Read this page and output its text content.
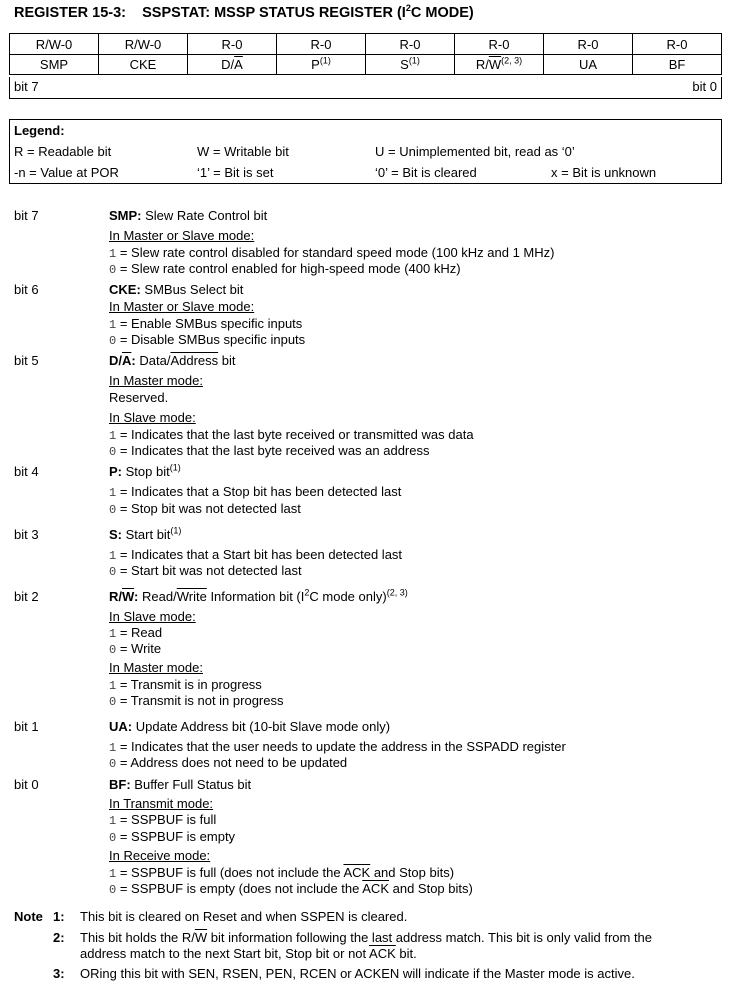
REGISTER 15-3: SSPSTAT: MSSP STATUS REGISTER ($I^2C$ MODE)
R/W-0	R/W-0	R-0	R-0	R-0	R-0	R-0	R-0
SMP	CKE	$D/\overline{A}$	$P^{(1)}$	$S^{(1)}$	$R/\overline{W}^{(2, 3)}$	UA	BF
bit 7	bit 0
Legend:
R = Readable bit	W = Writable bit	U = Unimplemented bit, read as ‘0’
-n = Value at POR	‘1’ = Bit is set	‘0’ = Bit is cleared	x = Bit is unknown
bit 7	SMP: Slew Rate Control bit
In Master or Slave mode:
1 = Slew rate control disabled for standard speed mode (100 kHz and 1 MHz)
0 = Slew rate control enabled for high-speed mode (400 kHz)
bit 6	CKE: SMBus Select bit
In Master or Slave mode:
1 = Enable SMBus specific inputs
0 = Disable SMBus specific inputs
bit 5	$D/\overline{A}$: Data/Address bit
In Master mode:
Reserved.
In Slave mode:
1 = Indicates that the last byte received or transmitted was data
0 = Indicates that the last byte received was an address
bit 4	P: Stop bit$^{(1)}$
1 = Indicates that a Stop bit has been detected last
0 = Stop bit was not detected last
bit 3	S: Start bit$^{(1)}$
1 = Indicates that a Start bit has been detected last
0 = Start bit was not detected last
bit 2	$R/\overline{W}$: Read/Write Information bit ($I^2C$ mode only)$^{(2, 3)}$
In Slave mode:
1 = Read
0 = Write
In Master mode:
1 = Transmit is in progress
0 = Transmit is not in progress
bit 1	UA: Update Address bit (10-bit Slave mode only)
1 = Indicates that the user needs to update the address in the SSPADD register
0 = Address does not need to be updated
bit 0	BF: Buffer Full Status bit
In Transmit mode:
1 = SSPBUF is full
0 = SSPBUF is empty
In Receive mode:
1 = SSPBUF is full (does not include the $\overline{ACK}$ and Stop bits)
0 = SSPBUF is empty (does not include the $\overline{ACK}$ and Stop bits)
Note 1: This bit is cleared on Reset and when SSPEN is cleared.
2: This bit holds the $R/\overline{W}$ bit information following the last address match. This bit is only valid from the
address match to the next Start bit, Stop bit or not $\overline{ACK}$ bit.
3: ORing this bit with SEN, RSEN, PEN, RCEN or ACKEN will indicate if the Master mode is active.
